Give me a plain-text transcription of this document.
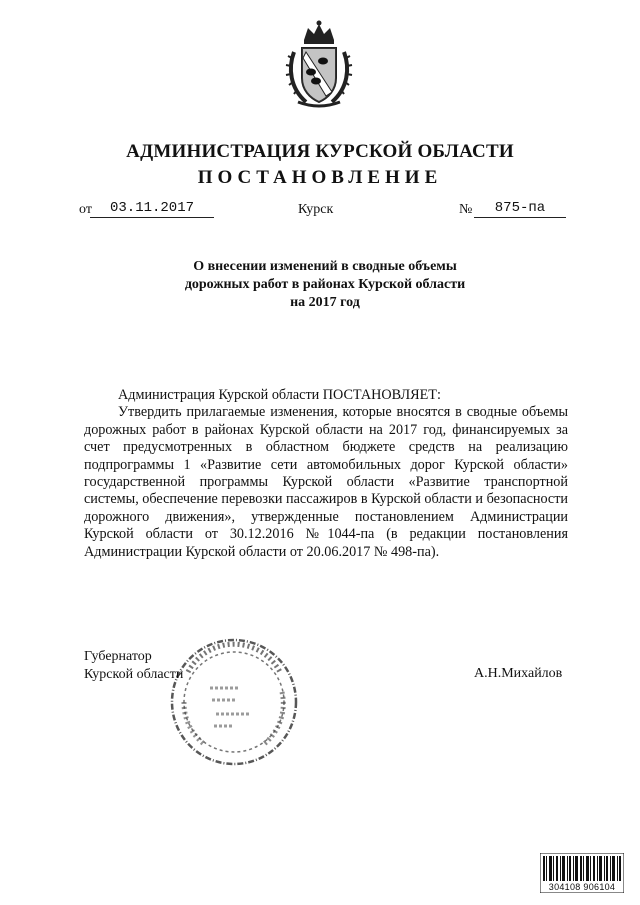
АДМИНИСТРАЦИЯ КУРСКОЙ ОБЛАСТИ
ПОСТАНОВЛЕНИЕ
от	03.11.2017	Курск	№	875-па
О внесении изменений в сводные объемы
дорожных работ в районах Курской области
на 2017 год

Администрация Курской области ПОСТАНОВЛЯЕТ:

Утвердить прилагаемые изменения, которые вносятся в сводные объемы дорожных работ в районах Курской области на 2017 год, финансируемых за счет предусмотренных в областном бюджете средств на реализацию подпрограммы 1 «Развитие сети автомобильных дорог Курской области» государственной программы Курской области «Развитие транспортной системы, обеспечение перевозки пассажиров в Курской области и безопасности дорожного движения», утвержденные постановлением Администрации Курской области от 30.12.2016 №1044-па (в редакции постановления Администрации Курской области от 20.06.2017 № 498-па).

Губернатор
Курской области	А.Н.Михайлов
304108 906104
